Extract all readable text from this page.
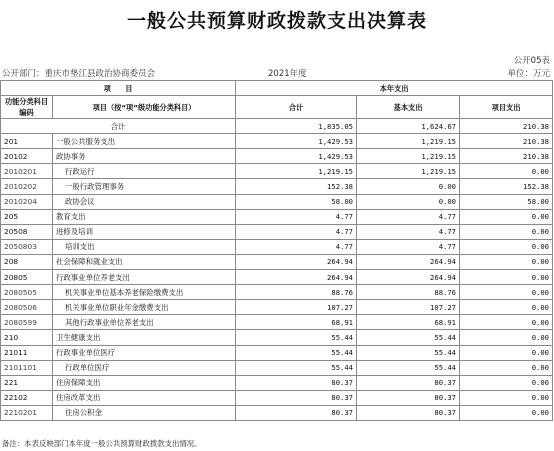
一般公共预算财政拨款支出决算表
公开05表
公开部门：重庆市垫江县政治协商委员会	2021年度	单位：万元
项　　目		本年支出		
功能分类科目编码	项目（按“项”级功能分类科目）	合计	基本支出	项目支出
合计		1,835.05	1,624.67	210.38
201	一般公共服务支出	1,429.53	1,219.15	210.38
20102	政协事务	1,429.53	1,219.15	210.38
2010201	行政运行	1,219.15	1,219.15	0.00
2010202	一般行政管理事务	152.38	0.00	152.38
2010204	政协会议	58.00	0.00	58.00
205	教育支出	4.77	4.77	0.00
20508	进修及培训	4.77	4.77	0.00
2050803	培训支出	4.77	4.77	0.00
208	社会保障和就业支出	264.94	264.94	0.00
20805	行政事业单位养老支出	264.94	264.94	0.00
2080505	机关事业单位基本养老保险缴费支出	88.76	88.76	0.00
2080506	机关事业单位职业年金缴费支出	107.27	107.27	0.00
2080599	其他行政事业单位养老支出	68.91	68.91	0.00
210	卫生健康支出	55.44	55.44	0.00
21011	行政事业单位医疗	55.44	55.44	0.00
2101101	行政单位医疗	55.44	55.44	0.00
221	住房保障支出	80.37	80.37	0.00
22102	住房改革支出	80.37	80.37	0.00
2210201	住房公积金	80.37	80.37	0.00
备注：本表反映部门本年度一般公共预算财政拨款支出情况。
